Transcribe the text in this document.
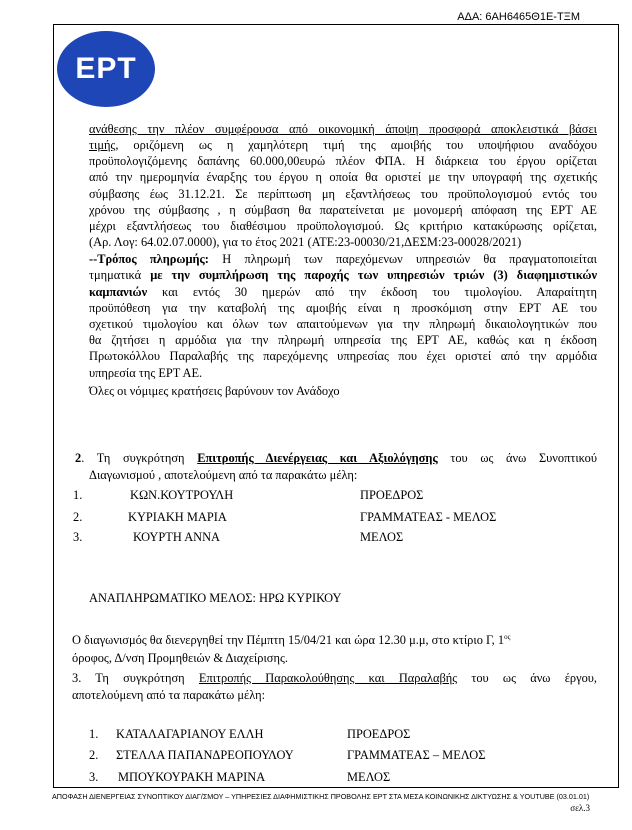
ΑΔΑ: 6ΑΗ6465Θ1Ε-ΤΞΜ
ΕΡΤ
ανάθεσης την πλέον συμφέρουσα από οικονομική άποψη προσφορά αποκλειστικά βάσει
τιμής, οριζόμενη ως η χαμηλότερη τιμή της αμοιβής του υποψήφιου αναδόχου
προϋπολογιζόμενης δαπάνης 60.000,00ευρώ πλέον ΦΠΑ. Η διάρκεια του έργου ορίζεται
από την ημερομηνία έναρξης του έργου η οποία θα οριστεί με την υπογραφή της σχετικής
σύμβασης έως 31.12.21. Σε περίπτωση μη εξαντλήσεως του προϋπολογισμού εντός του
χρόνου της σύμβασης , η σύμβαση θα παρατείνεται με μονομερή απόφαση της ΕΡΤ ΑΕ
μέχρι εξαντλήσεως του διαθέσιμου προϋπολογισμού. Ως κριτήριο κατακύρωσης ορίζεται,
(Αρ. Λογ: 64.02.07.0000), για το έτος 2021 (ΑΤΕ:23-00030/21,ΔΕΣΜ:23-00028/2021)
--Τρόπος πληρωμής: Η πληρωμή των παρεχόμενων υπηρεσιών θα πραγματοποιείται
τμηματικά με την συμπλήρωση της παροχής των υπηρεσιών τριών (3) διαφημιστικών
καμπανιών και εντός 30 ημερών από την έκδοση του τιμολογίου. Απαραίτητη
προϋπόθεση για την καταβολή της αμοιβής είναι η προσκόμιση στην ΕΡΤ ΑΕ του
σχετικού τιμολογίου και όλων των απαιτούμενων για την πληρωμή δικαιολογητικών που
θα ζητήσει η αρμόδια για την πληρωμή υπηρεσία της ΕΡΤ ΑΕ, καθώς και η έκδοση
Πρωτοκόλλου Παραλαβής της παρεχόμενης υπηρεσίας που έχει οριστεί από την αρμόδια
υπηρεσία της ΕΡΤ ΑΕ.
Όλες οι νόμιμες κρατήσεις βαρύνουν τον Ανάδοχο
2. Τη συγκρότηση Επιτροπής Διενέργειας και Αξιολόγησης του ως άνω Συνοπτικού
Διαγωνισμού , αποτελούμενη από τα παρακάτω μέλη:
1.	ΚΩΝ.ΚΟΥΤΡΟΥΛΗ	ΠΡΟΕΔΡΟΣ
2.	ΚΥΡΙΑΚΗ ΜΑΡΙΑ	ΓΡΑΜΜΑΤΕΑΣ - ΜΕΛΟΣ
3.	ΚΟΥΡΤΗ ΑΝΝΑ	ΜΕΛΟΣ
ΑΝΑΠΛΗΡΩΜΑΤΙΚΟ ΜΕΛΟΣ: ΗΡΩ ΚΥΡΙΚΟΥ
Ο διαγωνισμός θα διενεργηθεί την Πέμπτη 15/04/21 και ώρα 12.30 μ.μ, στο κτίριο Γ, $1^{o\varsigma}$
όροφος, Δ/νση Προμηθειών & Διαχείρισης.
3. Τη συγκρότηση Επιτροπής Παρακολούθησης και Παραλαβής του ως άνω έργου,
αποτελούμενη από τα παρακάτω μέλη:
1. ΚΑΤΑΛΑΓΑΡΙΑΝΟΥ ΕΛΛΗ	ΠΡΟΕΔΡΟΣ
2. ΣΤΕΛΛΑ ΠΑΠΑΝΔΡΕΟΠΟΥΛΟΥ	ΓΡΑΜΜΑΤΕΑΣ – ΜΕΛΟΣ
3. ΜΠΟΥΚΟΥΡΑΚΗ ΜΑΡΙΝΑ	ΜΕΛΟΣ
ΑΠΟΦΑΣΗ ΔΙΕΝΕΡΓΕΙΑΣ ΣΥΝΟΠΤΙΚΟΥ ΔΙΑΓ/ΣΜΟΥ – ΥΠΗΡΕΣΙΕΣ ΔΙΑΦΗΜΙΣΤΙΚΗΣ ΠΡΟΒΟΛΗΣ ΕΡΤ ΣΤΑ ΜΕΣΑ ΚΟΙΝΩΝΙΚΗΣ ΔΙΚΤΥΩΣΗΣ & YOUTUBE (03.01.01)
σελ.3
